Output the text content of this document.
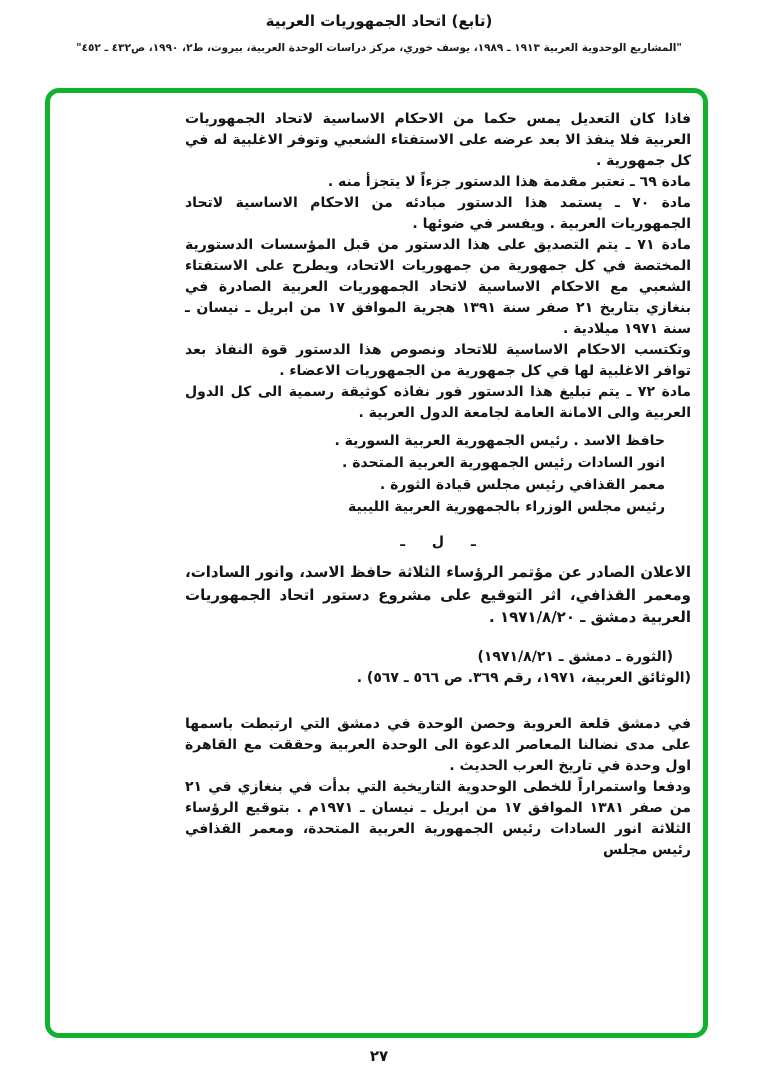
(تابع) اتحاد الجمهوريات العربية
"المشاريع الوحدوية العربية ١٩١٣ ـ ١٩٨٩، يوسف خوري، مركز دراسات الوحدة العربية، بيروت، ط٢، ١٩٩٠، ص٤٣٢ ـ ٤٥٢"

فاذا كان التعديل يمس حكما من الاحكام الاساسية لاتحاد الجمهوريات العربية فلا ينفذ الا بعد عرضه على الاستفتاء الشعبي وتوفر الاغلبية له في كل جمهورية .

مادة ٦٩ ـ تعتبر مقدمة هذا الدستور جزءاً لا يتجزأ منه .

مادة ٧٠ ـ يستمد هذا الدستور مبادئه من الاحكام الاساسية لاتحاد الجمهوريات العربية . ويفسر في ضوئها .

مادة ٧١ ـ يتم التصديق على هذا الدستور من قبل المؤسسات الدستورية المختصة في كل جمهورية من جمهوريات الاتحاد، ويطرح على الاستفتاء الشعبي مع الاحكام الاساسية لاتحاد الجمهوريات العربية الصادرة في بنغازي بتاريخ ٢١ صفر سنة ١٣٩١ هجرية الموافق ١٧ من ابريل ـ نيسان ـ سنة ١٩٧١ ميلادية .

وتكتسب الاحكام الاساسية للاتحاد ونصوص هذا الدستور قوة النفاذ بعد توافر الاغلبية لها في كل جمهورية من الجمهوريات الاعضاء .

مادة ٧٢ ـ يتم تبليغ هذا الدستور فور نفاذه كوثيقة رسمية الى كل الدول العربية والى الامانة العامة لجامعة الدول العربية .

حافظ الاسد . رئيس الجمهورية العربية السورية .

انور السادات رئيس الجمهورية العربية المتحدة .

معمر القذافي رئيس مجلس قيادة الثورة .

رئيس مجلس الوزراء بالجمهورية العربية الليبية

ـ ل ـ

الاعلان الصادر عن مؤتمر الرؤساء الثلاثة حافظ الاسد، وانور السادات، ومعمر القذافي، اثر التوقيع على مشروع دستور اتحاد الجمهوريات العربية دمشق ـ ١٩٧١/٨/٢٠ .

(الثورة ـ دمشق ـ ١٩٧١/٨/٢١)

(الوثائق العربية، ١٩٧١، رقم ٣٦٩. ص ٥٦٦ ـ ٥٦٧) .

في دمشق قلعة العروبة وحصن الوحدة في دمشق التي ارتبطت باسمها على مدى نضالنا المعاصر الدعوة الى الوحدة العربية وحققت مع القاهرة اول وحدة في تاريخ العرب الحديث .

ودفعا واستمراراً للخطى الوحدوية التاريخية التي بدأت في بنغازي في ٢١ من صفر ١٣٨١ الموافق ١٧ من ابريل ـ نيسان ـ ١٩٧١م . بتوقيع الرؤساء الثلاثة انور السادات رئيس الجمهورية العربية المتحدة، ومعمر القذافي رئيس مجلس

٢٧
